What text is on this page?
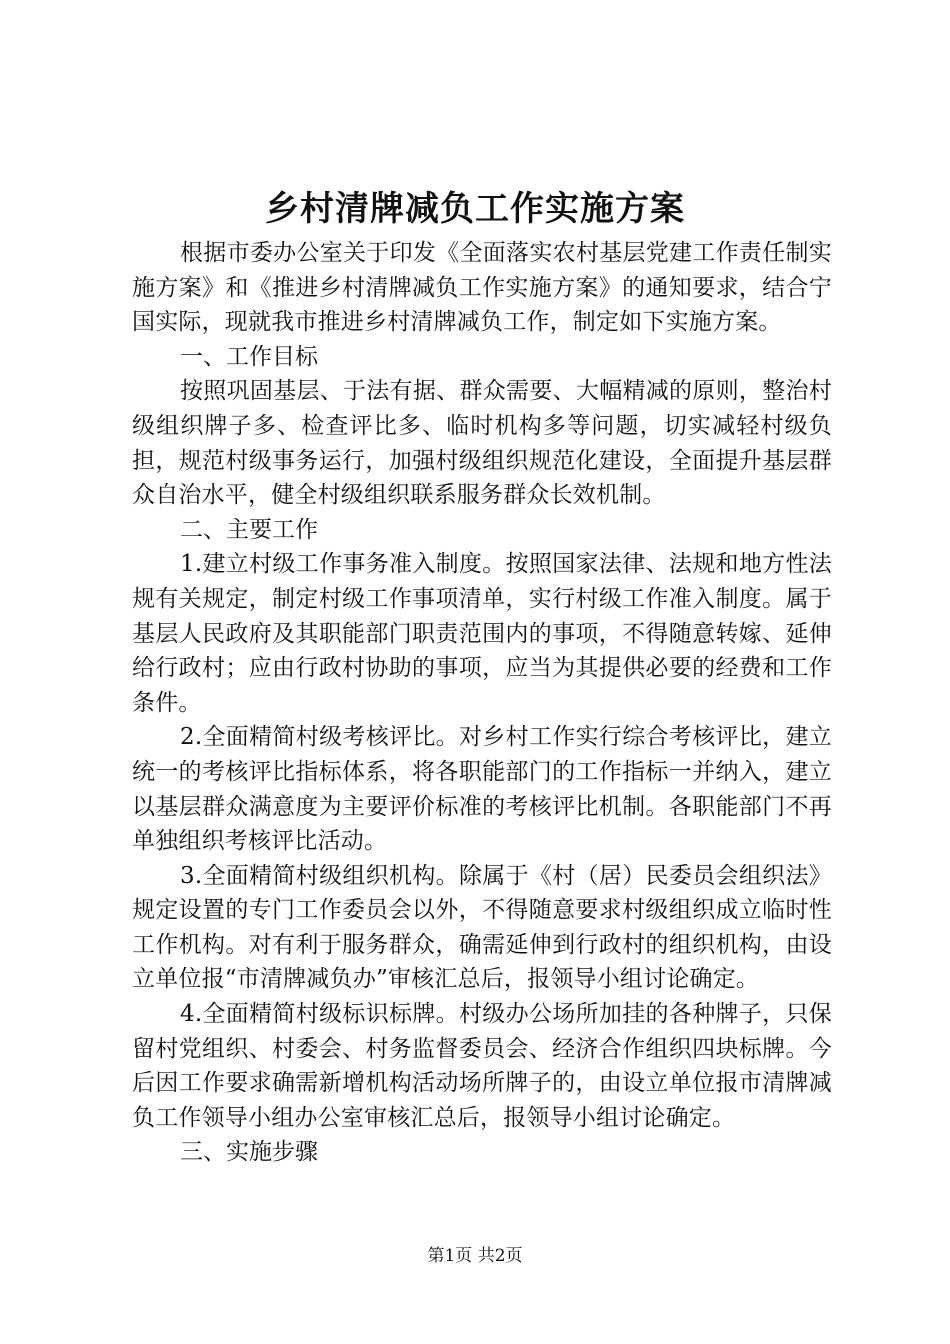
乡村清牌减负工作实施方案

根据市委办公室关于印发《全面落实农村基层党建工作责任制实施方案》和《推进乡村清牌减负工作实施方案》的通知要求，结合宁国实际，现就我市推进乡村清牌减负工作，制定如下实施方案。

一、工作目标

按照巩固基层、于法有据、群众需要、大幅精减的原则，整治村级组织牌子多、检查评比多、临时机构多等问题，切实减轻村级负担，规范村级事务运行，加强村级组织规范化建设，全面提升基层群众自治水平，健全村级组织联系服务群众长效机制。

二、主要工作

1.建立村级工作事务准入制度。按照国家法律、法规和地方性法规有关规定，制定村级工作事项清单，实行村级工作准入制度。属于基层人民政府及其职能部门职责范围内的事项，不得随意转嫁、延伸给行政村；应由行政村协助的事项，应当为其提供必要的经费和工作条件。

2.全面精简村级考核评比。对乡村工作实行综合考核评比，建立统一的考核评比指标体系，将各职能部门的工作指标一并纳入，建立以基层群众满意度为主要评价标准的考核评比机制。各职能部门不再单独组织考核评比活动。

3.全面精简村级组织机构。除属于《村（居）民委员会组织法》规定设置的专门工作委员会以外，不得随意要求村级组织成立临时性工作机构。对有利于服务群众，确需延伸到行政村的组织机构，由设立单位报“市清牌减负办”审核汇总后，报领导小组讨论确定。

4.全面精简村级标识标牌。村级办公场所加挂的各种牌子，只保留村党组织、村委会、村务监督委员会、经济合作组织四块标牌。今后因工作要求确需新增机构活动场所牌子的，由设立单位报市清牌减负工作领导小组办公室审核汇总后，报领导小组讨论确定。

三、实施步骤

第1页 共2页
